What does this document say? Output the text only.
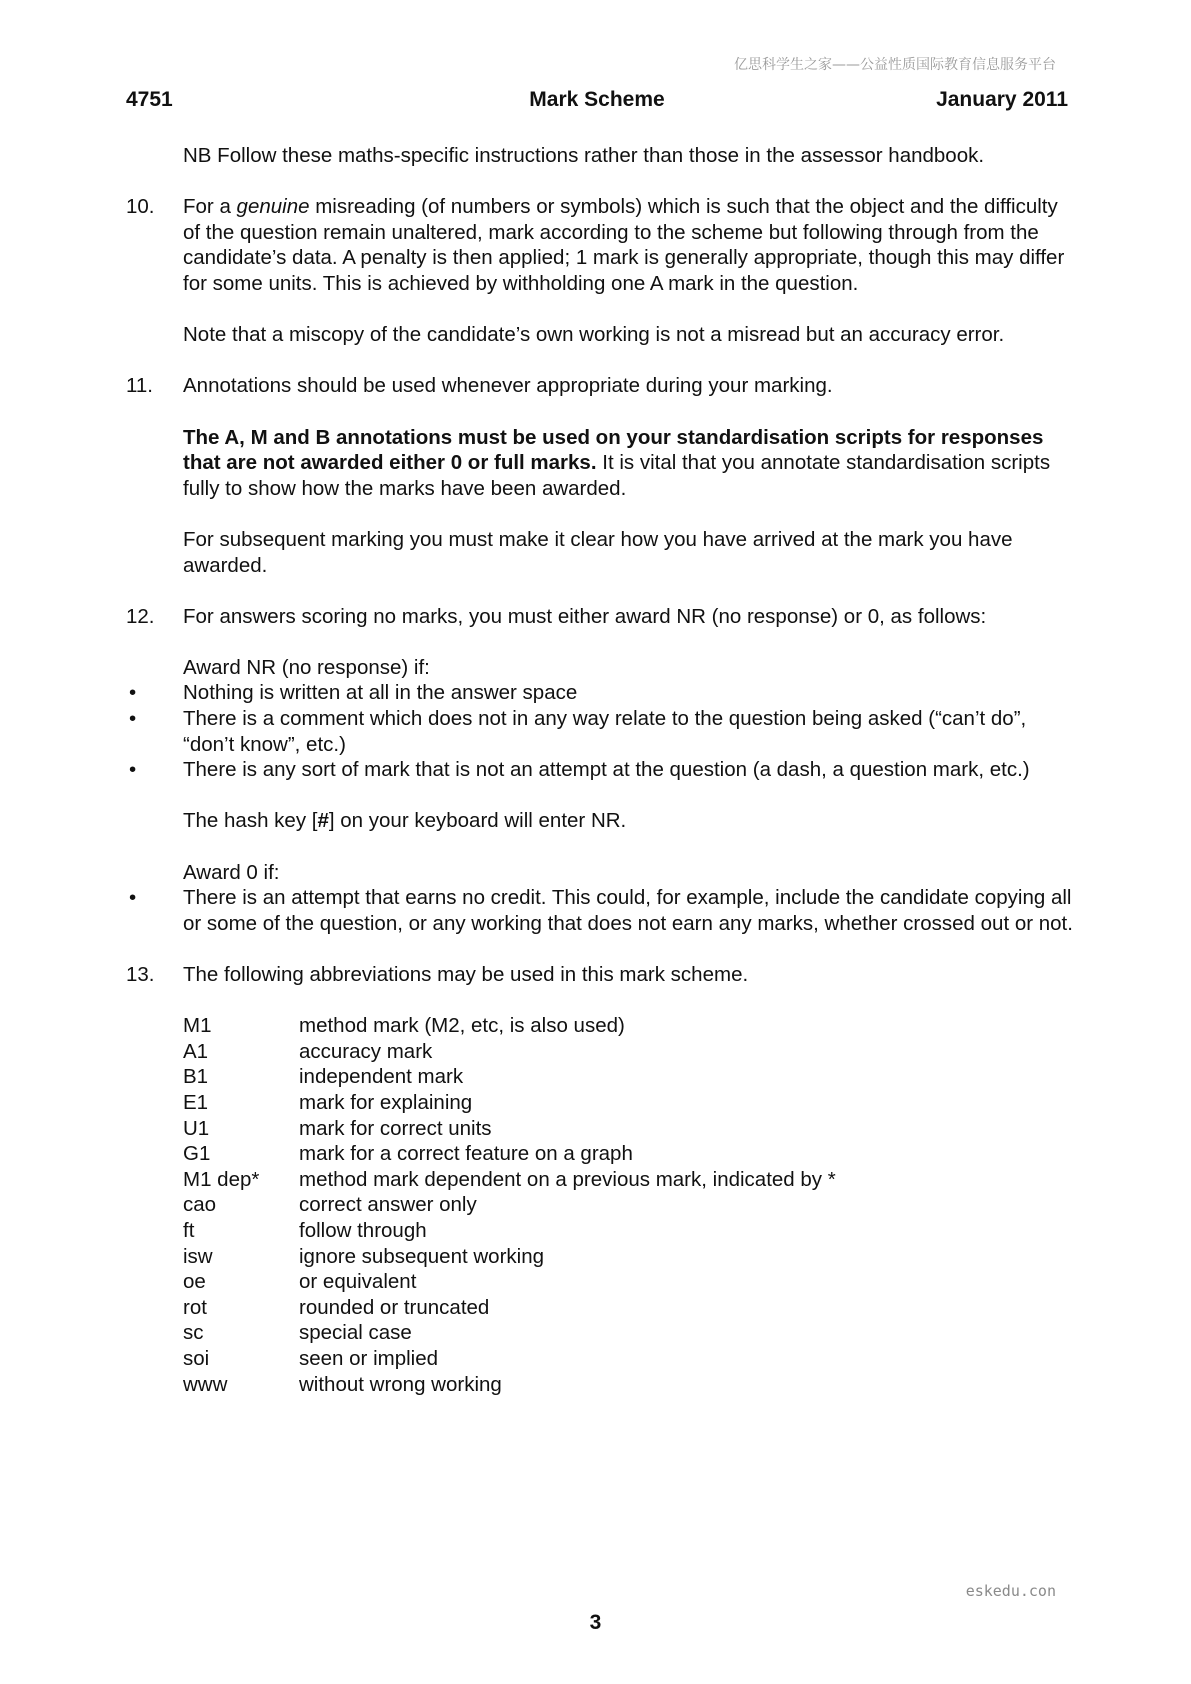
亿思科学生之家——公益性质国际教育信息服务平台
4751	Mark Scheme	January 2011

NB Follow these maths-specific instructions rather than those in the assessor handbook.

10. For a genuine misreading (of numbers or symbols) which is such that the object and the difficulty of the question remain unaltered, mark according to the scheme but following through from the candidate’s data. A penalty is then applied; 1 mark is generally appropriate, though this may differ for some units. This is achieved by withholding one A mark in the question.

Note that a miscopy of the candidate’s own working is not a misread but an accuracy error.

11. Annotations should be used whenever appropriate during your marking.

The A, M and B annotations must be used on your standardisation scripts for responses that are not awarded either 0 or full marks. It is vital that you annotate standardisation scripts fully to show how the marks have been awarded.

For subsequent marking you must make it clear how you have arrived at the mark you have awarded.

12. For answers scoring no marks, you must either award NR (no response) or 0, as follows:

Award NR (no response) if:
• Nothing is written at all in the answer space
• There is a comment which does not in any way relate to the question being asked (“can’t do”, “don’t know”, etc.)
• There is any sort of mark that is not an attempt at the question (a dash, a question mark, etc.)

The hash key [#] on your keyboard will enter NR.

Award 0 if:
• There is an attempt that earns no credit. This could, for example, include the candidate copying all or some of the question, or any working that does not earn any marks, whether crossed out or not.
13. The following abbreviations may be used in this mark scheme.

M1	method mark (M2, etc, is also used)
A1	accuracy mark
B1	independent mark
E1	mark for explaining
U1	mark for correct units
G1	mark for a correct feature on a graph
M1 dep*	method mark dependent on a previous mark, indicated by *
cao	correct answer only
ft	follow through
isw	ignore subsequent working
oe	or equivalent
rot	rounded or truncated
sc	special case
soi	seen or implied
www	without wrong working
eskedu.con
3
